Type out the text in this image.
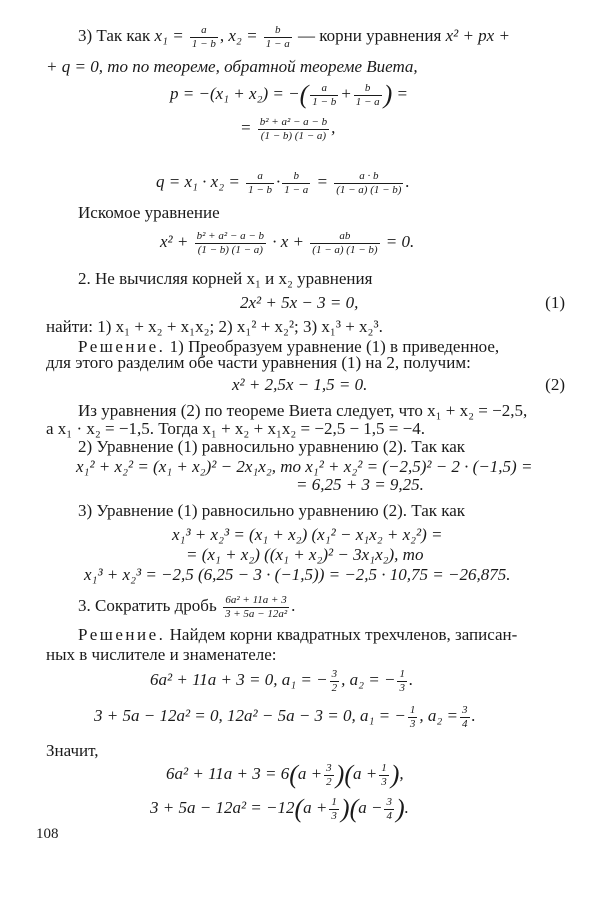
3) Так как $x_1 = \frac{a}{1 - b}$ , $x_2 = \frac{b}{1 - a}$ — корни уравнения x² + px +
+ q = 0, то по теореме, обратной теореме Виета,
p = −(x₁ + x₂) = −( $\frac{a}{1 - b} + \frac{b}{1 - a}$ ) =
= $\frac{\text{b² + a² − a − b}}{(1 - b) (1 - a)}$ ,
$q = x_1 \cdot x_2 = \frac{a}{1 - b} \cdot \frac{b}{1 - a} = \frac{a \cdot b}{(1 - a) (1 - b)}$ .
Искомое уравнение
$x^2 + \frac{\text{b² + a² − a − b}}{(1 - b) (1 - a)} \cdot x + \frac{ab}{(1 - a) (1 - b)} = 0$.
2. Не вычисляя корней x₁ и x₂ уравнения
2x² + 5x − 3 = 0,	(1)
найти: 1) x₁ + x₂ + x₁x₂; 2) x₁² + x₂²; 3) x₁³ + x₂³.
Решение. 1) Преобразуем уравнение (1) в приведенное,
для этого разделим обе части уравнения (1) на 2, получим:
x² + 2,5x − 1,5 = 0.	(2)
Из уравнения (2) по теореме Виета следует, что x₁ + x₂ = −2,5,
а x₁ · x₂ = −1,5. Тогда x₁ + x₂ + x₁x₂ = −2,5 − 1,5 = −4.
2) Уравнение (1) равносильно уравнению (2). Так как
x₁² + x₂² = (x₁ + x₂)² − 2x₁x₂, то x₁² + x₂² = (−2,5)² − 2 · (−1,5) =
= 6,25 + 3 = 9,25.
3) Уравнение (1) равносильно уравнению (2). Так как
x₁³ + x₂³ = (x₁ + x₂) (x₁² − x₁x₂ + x₂²) =
= (x₁ + x₂) ((x₁ + x₂)² − 3x₁x₂), то
x₁³ + x₂³ = −2,5 (6,25 − 3 · (−1,5)) = −2,5 · 10,75 = −26,875.
3. Сократить дробь $\frac{\text{6a² + 11a + 3}}{\text{3 + 5a − 12a²}}$ .
Решение. Найдем корни квадратных трехчленов, записан-
ных в числителе и знаменателе:
6a² + 11a + 3 = 0, a₁ = − $\frac{3}{2}$ , a₂ = − $\frac{1}{3}$ .
3 + 5a − 12a² = 0, 12a² − 5a − 3 = 0, a₁ = − $\frac{1}{3}$ , $a_2 = \frac{3}{4}$ .
Значит,
$6a^2 + 11a + 3 = 6(a + \frac{3}{2} )(a + \frac{1}{3}$ ),
$3 + 5a - 12a^2 = -12(a + \frac{1}{3} )(a - \frac{3}{4}$ ).
108
